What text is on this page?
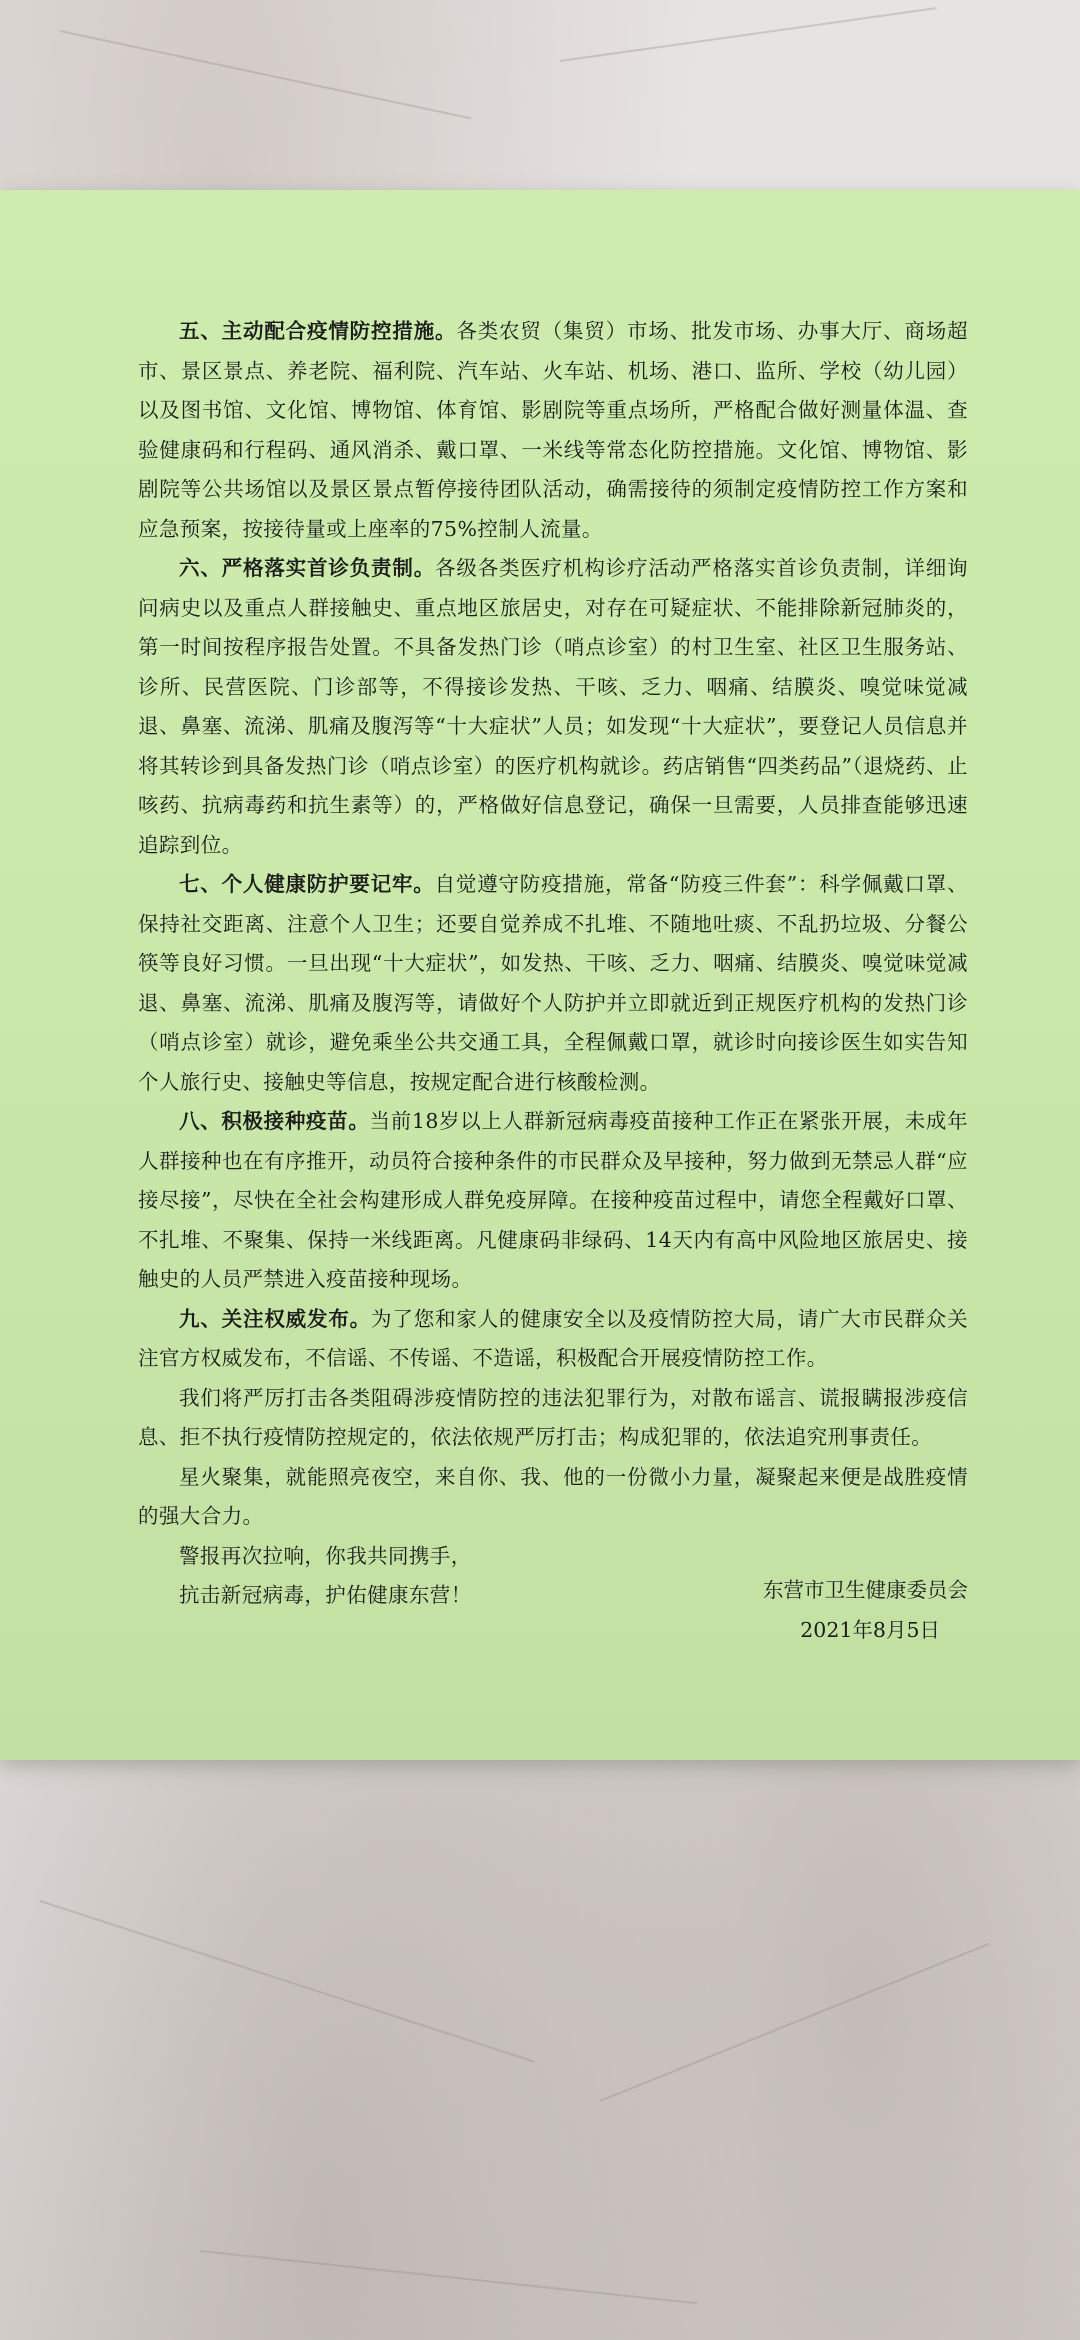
五、主动配合疫情防控措施。各类农贸（集贸）市场、批发市场、办事大厅、商场超市、景区景点、养老院、福利院、汽车站、火车站、机场、港口、监所、学校（幼儿园）以及图书馆、文化馆、博物馆、体育馆、影剧院等重点场所，严格配合做好测量体温、查验健康码和行程码、通风消杀、戴口罩、一米线等常态化防控措施。文化馆、博物馆、影剧院等公共场馆以及景区景点暂停接待团队活动，确需接待的须制定疫情防控工作方案和应急预案，按接待量或上座率的75%控制人流量。

六、严格落实首诊负责制。各级各类医疗机构诊疗活动严格落实首诊负责制，详细询问病史以及重点人群接触史、重点地区旅居史，对存在可疑症状、不能排除新冠肺炎的，第一时间按程序报告处置。不具备发热门诊（哨点诊室）的村卫生室、社区卫生服务站、诊所、民营医院、门诊部等，不得接诊发热、干咳、乏力、咽痛、结膜炎、嗅觉味觉减退、鼻塞、流涕、肌痛及腹泻等“十大症状”人员；如发现“十大症状”，要登记人员信息并将其转诊到具备发热门诊（哨点诊室）的医疗机构就诊。药店销售“四类药品”（退烧药、止咳药、抗病毒药和抗生素等）的，严格做好信息登记，确保一旦需要，人员排查能够迅速追踪到位。

七、个人健康防护要记牢。自觉遵守防疫措施，常备“防疫三件套”：科学佩戴口罩、保持社交距离、注意个人卫生；还要自觉养成不扎堆、不随地吐痰、不乱扔垃圾、分餐公筷等良好习惯。一旦出现“十大症状”，如发热、干咳、乏力、咽痛、结膜炎、嗅觉味觉减退、鼻塞、流涕、肌痛及腹泻等，请做好个人防护并立即就近到正规医疗机构的发热门诊（哨点诊室）就诊，避免乘坐公共交通工具，全程佩戴口罩，就诊时向接诊医生如实告知个人旅行史、接触史等信息，按规定配合进行核酸检测。

八、积极接种疫苗。当前18岁以上人群新冠病毒疫苗接种工作正在紧张开展，未成年人群接种也在有序推开，动员符合接种条件的市民群众及早接种，努力做到无禁忌人群“应接尽接”，尽快在全社会构建形成人群免疫屏障。在接种疫苗过程中，请您全程戴好口罩、不扎堆、不聚集、保持一米线距离。凡健康码非绿码、14天内有高中风险地区旅居史、接触史的人员严禁进入疫苗接种现场。

九、关注权威发布。为了您和家人的健康安全以及疫情防控大局，请广大市民群众关注官方权威发布，不信谣、不传谣、不造谣，积极配合开展疫情防控工作。

我们将严厉打击各类阻碍涉疫情防控的违法犯罪行为，对散布谣言、谎报瞒报涉疫信息、拒不执行疫情防控规定的，依法依规严厉打击；构成犯罪的，依法追究刑事责任。

星火聚集，就能照亮夜空，来自你、我、他的一份微小力量，凝聚起来便是战胜疫情的强大合力。

警报再次拉响，你我共同携手，

抗击新冠病毒，护佑健康东营！	东营市卫生健康委员会
2021年8月5日
